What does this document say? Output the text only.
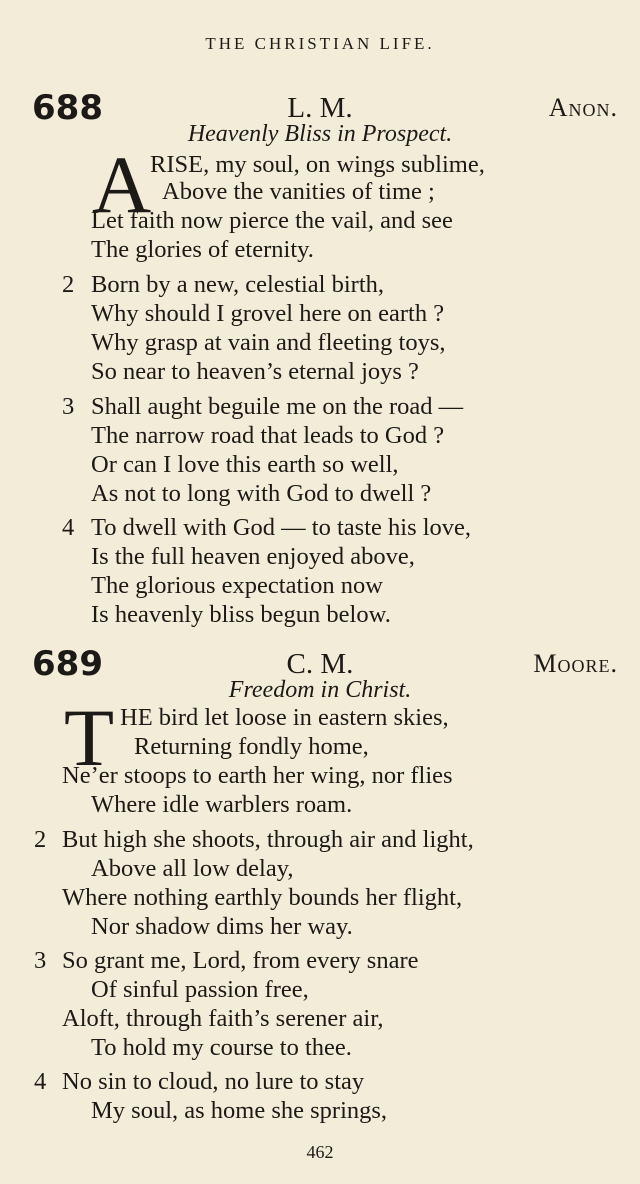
THE CHRISTIAN LIFE.
688	L. M.	Anon.
Heavenly Bliss in Prospect.
A
RISE, my soul, on wings sublime,
Above the vanities of time ;
Let faith now pierce the vail, and see
The glories of eternity.
2 Born by a new, celestial birth,
Why should I grovel here on earth ?
Why grasp at vain and fleeting toys,
So near to heaven’s eternal joys ?
3 Shall aught beguile me on the road —
The narrow road that leads to God ?
Or can I love this earth so well,
As not to long with God to dwell ?
4 To dwell with God — to taste his love,
Is the full heaven enjoyed above,
The glorious expectation now
Is heavenly bliss begun below.
689	C. M.	Moore.
Freedom in Christ.
T HE bird let loose in eastern skies,
Returning fondly home,
Ne’er stoops to earth her wing, nor flies
Where idle warblers roam.
2 But high she shoots, through air and light,
Above all low delay,
Where nothing earthly bounds her flight,
Nor shadow dims her way.
3 So grant me, Lord, from every snare
Of sinful passion free,
Aloft, through faith’s serener air,
To hold my course to thee.
4 No sin to cloud, no lure to stay
My soul, as home she springs,
462
